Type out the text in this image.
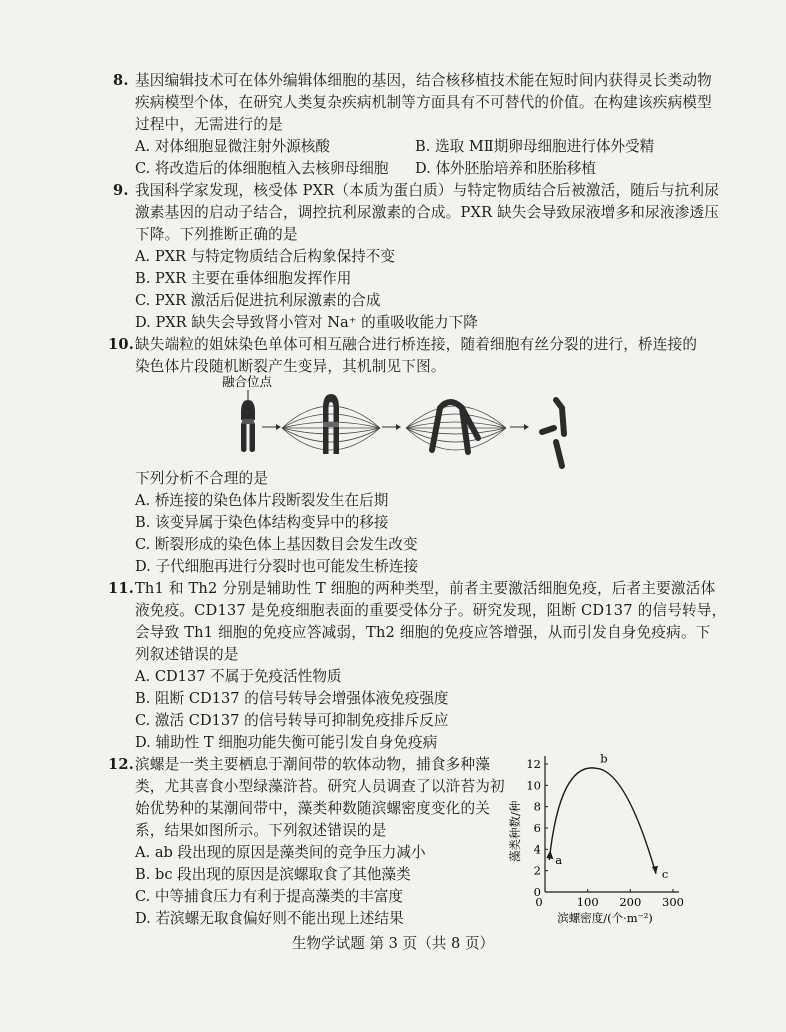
8. 基因编辑技术可在体外编辑体细胞的基因，结合核移植技术能在短时间内获得灵长类动物
疾病模型个体，在研究人类复杂疾病机制等方面具有不可替代的价值。在构建该疾病模型
过程中，无需进行的是
A. 对体细胞显微注射外源核酸	B. 选取 MⅡ期卵母细胞进行体外受精
C. 将改造后的体细胞植入去核卵母细胞 D. 体外胚胎培养和胚胎移植
9. 我国科学家发现，核受体 PXR（本质为蛋白质）与特定物质结合后被激活，随后与抗利尿
激素基因的启动子结合，调控抗利尿激素的合成。PXR 缺失会导致尿液增多和尿液渗透压
下降。下列推断正确的是
A. PXR 与特定物质结合后构象保持不变
B. PXR 主要在垂体细胞发挥作用
C. PXR 激活后促进抗利尿激素的合成
D. PXR 缺失会导致肾小管对 Na⁺ 的重吸收能力下降
10. 缺失端粒的姐妹染色单体可相互融合进行桥连接，随着细胞有丝分裂的进行，桥连接的
染色体片段随机断裂产生变异，其机制见下图。
融合位点
下列分析不合理的是
A. 桥连接的染色体片段断裂发生在后期
B. 该变异属于染色体结构变异中的移接
C. 断裂形成的染色体上基因数目会发生改变
D. 子代细胞再进行分裂时也可能发生桥连接
11. Th1 和 Th2 分别是辅助性 T 细胞的两种类型，前者主要激活细胞免疫，后者主要激活体
液免疫。CD137 是免疫细胞表面的重要受体分子。研究发现，阻断 CD137 的信号转导，
会导致 Th1 细胞的免疫应答减弱，Th2 细胞的免疫应答增强，从而引发自身免疫病。下
列叙述错误的是
A. CD137 不属于免疫活性物质
B. 阻断 CD137 的信号转导会增强体液免疫强度
C. 激活 CD137 的信号转导可抑制免疫排斥反应
D. 辅助性 T 细胞功能失衡可能引发自身免疫病
12. 滨螺是一类主要栖息于潮间带的软体动物，捕食多种藻
类，尤其喜食小型绿藻浒苔。研究人员调查了以浒苔为初
始优势种的某潮间带中，藻类种数随滨螺密度变化的关
系，结果如图所示。下列叙述错误的是
A. ab 段出现的原因是藻类间的竞争压力减小
B. bc 段出现的原因是滨螺取食了其他藻类
C. 中等捕食压力有利于提高藻类的丰富度
D. 若滨螺无取食偏好则不能出现上述结果
0
2
4
6
8
10
12
0	100 200 300
a
b
c
藻类种数/种
滨螺密度/(个·m⁻²)
生物学试题 第 3 页（共 8 页）
